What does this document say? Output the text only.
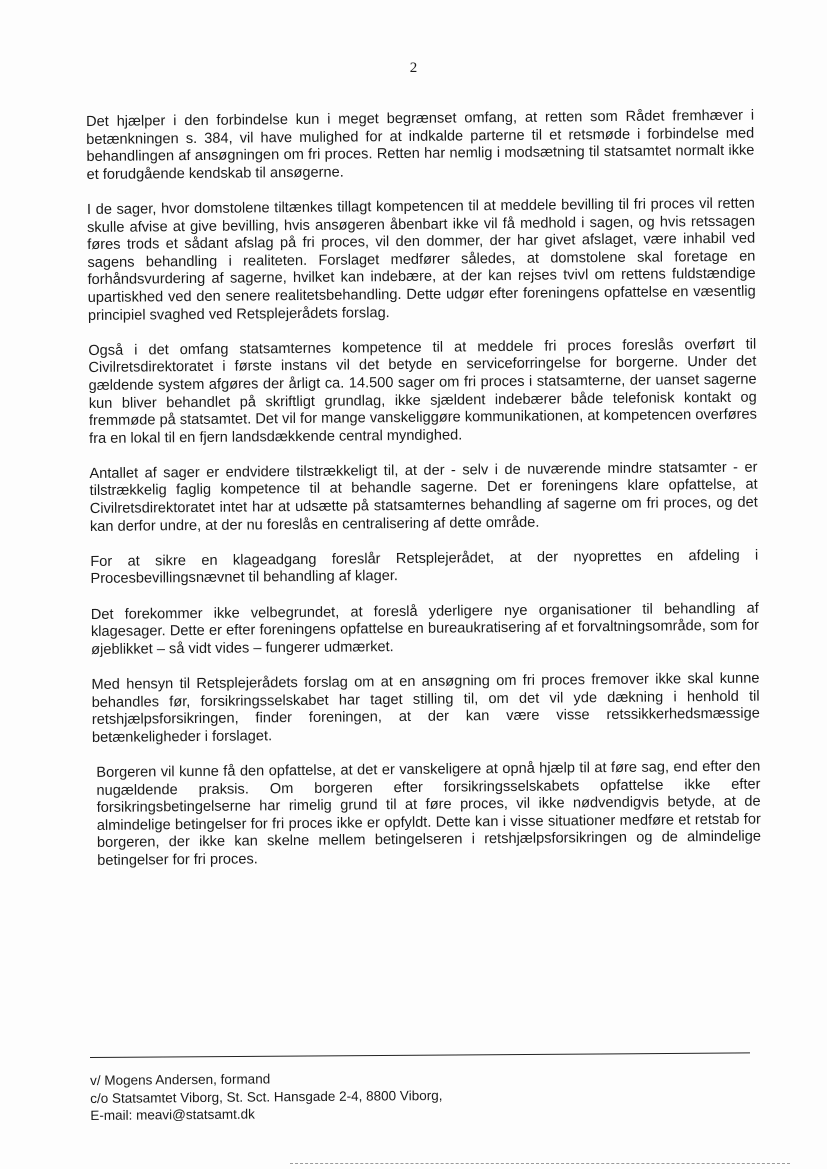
2

Det hjælper i den forbindelse kun i meget begrænset omfang, at retten som Rådet fremhæver i betænkningen s. 384, vil have mulighed for at indkalde parterne til et retsmøde i forbindelse med behandlingen af ansøgningen om fri proces. Retten har nemlig i modsætning til statsamtet normalt ikke et forudgående kendskab til ansøgerne.

I de sager, hvor domstolene tiltænkes tillagt kompetencen til at meddele bevilling til fri proces vil retten skulle afvise at give bevilling, hvis ansøgeren åbenbart ikke vil få medhold i sagen, og hvis retssagen føres trods et sådant afslag på fri proces, vil den dommer, der har givet afslaget, være inhabil ved sagens behandling i realiteten. Forslaget medfører således, at domstolene skal foretage en forhåndsvurdering af sagerne, hvilket kan indebære, at der kan rejses tvivl om rettens fuldstændige upartiskhed ved den senere realitetsbehandling. Dette udgør efter foreningens opfattelse en væsentlig principiel svaghed ved Retsplejerådets forslag.

Også i det omfang statsamternes kompetence til at meddele fri proces foreslås overført til Civilretsdirektoratet i første instans vil det betyde en serviceforringelse for borgerne. Under det gældende system afgøres der årligt ca. 14.500 sager om fri proces i statsamterne, der uanset sagerne kun bliver behandlet på skriftligt grundlag, ikke sjældent indebærer både telefonisk kontakt og fremmøde på statsamtet. Det vil for mange vanskeliggøre kommunikationen, at kompetencen overføres fra en lokal til en fjern landsdækkende central myndighed.

Antallet af sager er endvidere tilstrækkeligt til, at der - selv i de nuværende mindre statsamter - er tilstrækkelig faglig kompetence til at behandle sagerne. Det er foreningens klare opfattelse, at Civilretsdirektoratet intet har at udsætte på statsamternes behandling af sagerne om fri proces, og det kan derfor undre, at der nu foreslås en centralisering af dette område.

For at sikre en klageadgang foreslår Retsplejerådet, at der nyoprettes en afdeling i Procesbevillingsnævnet til behandling af klager.

Det forekommer ikke velbegrundet, at foreslå yderligere nye organisationer til behandling af klagesager. Dette er efter foreningens opfattelse en bureaukratisering af et forvaltningsområde, som for øjeblikket – så vidt vides – fungerer udmærket.

Med hensyn til Retsplejerådets forslag om at en ansøgning om fri proces fremover ikke skal kunne behandles før, forsikringsselskabet har taget stilling til, om det vil yde dækning i henhold til retshjælpsforsikringen, finder foreningen, at der kan være visse retssikkerhedsmæssige betænkeligheder i forslaget.

Borgeren vil kunne få den opfattelse, at det er vanskeligere at opnå hjælp til at føre sag, end efter den nugældende praksis. Om borgeren efter forsikringsselskabets opfattelse ikke efter forsikringsbetingelserne har rimelig grund til at føre proces, vil ikke nødvendigvis betyde, at de almindelige betingelser for fri proces ikke er opfyldt. Dette kan i visse situationer medføre et retstab for borgeren, der ikke kan skelne mellem betingelseren i retshjælpsforsikringen og de almindelige betingelser for fri proces.

v/ Mogens Andersen, formand
c/o Statsamtet Viborg, St. Sct. Hansgade 2-4, 8800 Viborg,
E-mail: meavi@statsamt.dk
